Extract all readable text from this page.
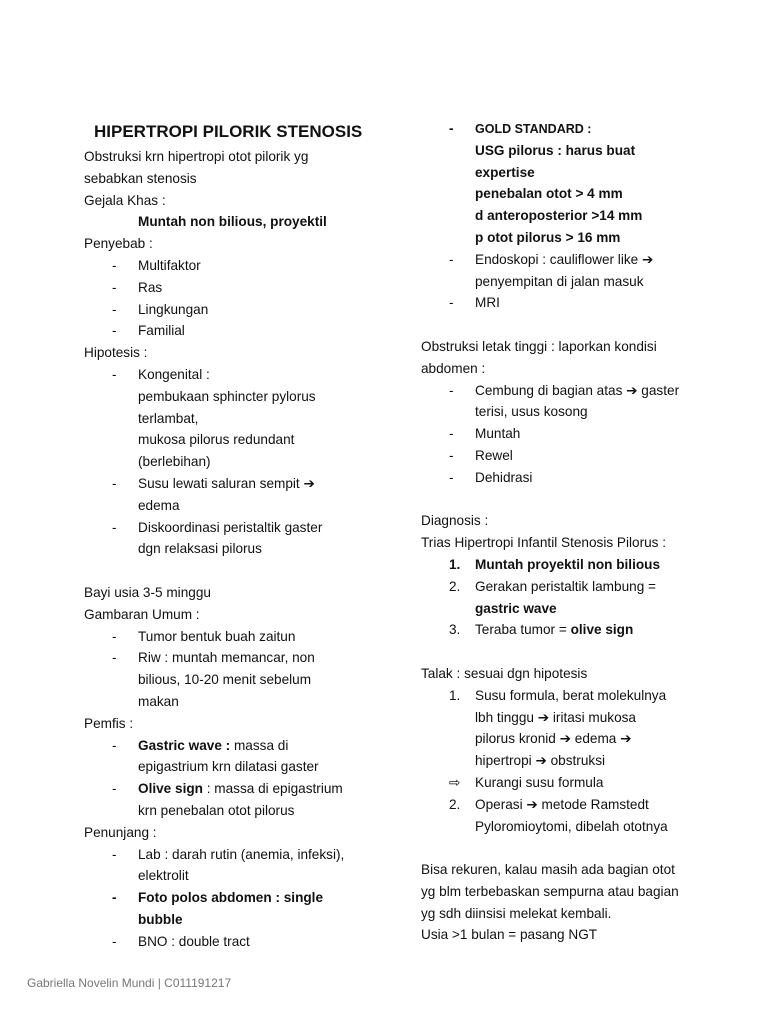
HIPERTROPI PILORIK STENOSIS
Obstruksi krn hipertropi otot pilorik yg
sebabkan stenosis
Gejala Khas :
Muntah non bilious, proyektil
Penyebab :
- Multifaktor
- Ras
- Lingkungan
- Familial
Hipotesis :
- Kongenital :
pembukaan sphincter pylorus
terlambat,
mukosa pilorus redundant
(berlebihan)
- Susu lewati saluran sempit ➔
edema
- Diskoordinasi peristaltik gaster
dgn relaksasi pilorus
Bayi usia 3-5 minggu
Gambaran Umum :
- Tumor bentuk buah zaitun
- Riw : muntah memancar, non
bilious, 10-20 menit sebelum
makan
Pemfis :
- Gastric wave : massa di
epigastrium krn dilatasi gaster
- Olive sign : massa di epigastrium
krn penebalan otot pilorus
Penunjang :
- Lab : darah rutin (anemia, infeksi),
elektrolit
- Foto polos abdomen : single
bubble
- BNO : double tract
- GOLD STANDARD :
USG pilorus : harus buat
expertise
penebalan otot > 4 mm
d anteroposterior >14 mm
p otot pilorus > 16 mm
- Endoskopi : cauliflower like ➔
penyempitan di jalan masuk
- MRI
Obstruksi letak tinggi : laporkan kondisi
abdomen :
- Cembung di bagian atas ➔ gaster
terisi, usus kosong
- Muntah
- Rewel
- Dehidrasi
Diagnosis :
Trias Hipertropi Infantil Stenosis Pilorus :
1. Muntah proyektil non bilious
2. Gerakan peristaltik lambung =
gastric wave
3. Teraba tumor = olive sign
Talak : sesuai dgn hipotesis
1. Susu formula, berat molekulnya
lbh tinggu ➔ iritasi mukosa
pilorus kronid ➔ edema ➔
hipertropi ➔ obstruksi
⇨ Kurangi susu formula
2. Operasi ➔ metode Ramstedt
Pyloromioytomi, dibelah ototnya
Bisa rekuren, kalau masih ada bagian otot
yg blm terbebaskan sempurna atau bagian
yg sdh diinsisi melekat kembali.
Usia >1 bulan = pasang NGT
Gabriella Novelin Mundi | C011191217
